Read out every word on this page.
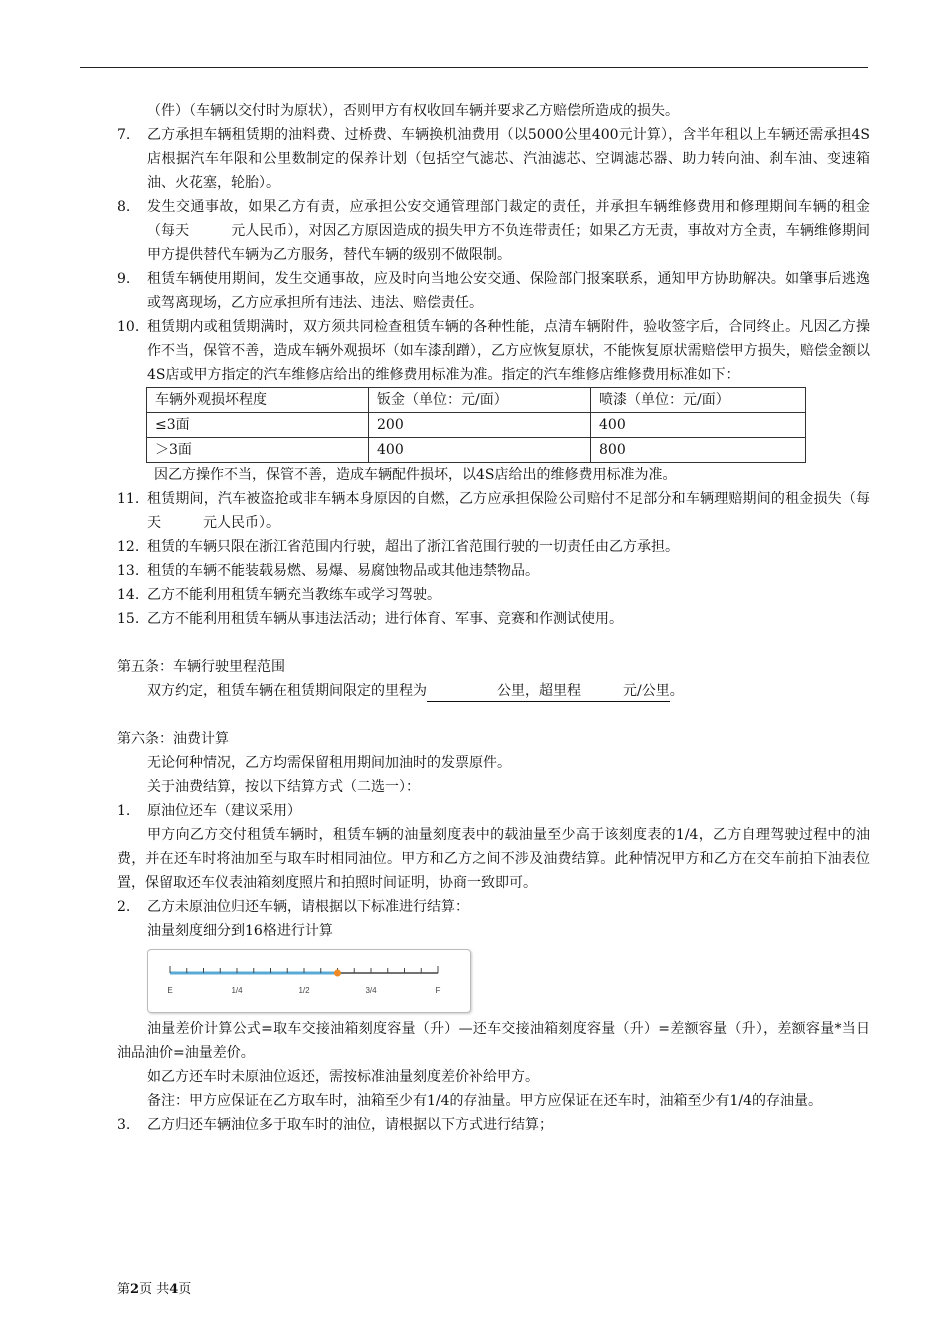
（件）（车辆以交付时为原状），否则甲方有权收回车辆并要求乙方赔偿所造成的损失。

7.	乙方承担车辆租赁期的油料费、过桥费、车辆换机油费用（以5000公里400元计算），含半年租以上车辆还需承担4S店根据汽车年限和公里数制定的保养计划（包括空气滤芯、汽油滤芯、空调滤芯器、助力转向油、刹车油、变速箱油、火花塞，轮胎）。
8.	发生交通事故，如果乙方有责，应承担公安交通管理部门裁定的责任，并承担车辆维修费用和修理期间车辆的租金（每天　　　元人民币），对因乙方原因造成的损失甲方不负连带责任；如果乙方无责，事故对方全责，车辆维修期间甲方提供替代车辆为乙方服务，替代车辆的级别不做限制。
9.	租赁车辆使用期间，发生交通事故，应及时向当地公安交通、保险部门报案联系，通知甲方协助解决。如肇事后逃逸或驾离现场，乙方应承担所有违法、违法、赔偿责任。
10. 租赁期内或租赁期满时，双方须共同检查租赁车辆的各种性能，点清车辆附件，验收签字后，合同终止。凡因乙方操作不当，保管不善，造成车辆外观损坏（如车漆刮蹭），乙方应恢复原状，不能恢复原状需赔偿甲方损失，赔偿金额以4S店或甲方指定的汽车维修店给出的维修费用标准为准。指定的汽车维修店维修费用标准如下：
车辆外观损坏程度	钣金（单位：元/面）	喷漆（单位：元/面）
≤3面	200	400
＞3面	400	800

因乙方操作不当，保管不善，造成车辆配件损坏，以4S店给出的维修费用标准为准。

11. 租赁期间，汽车被盗抢或非车辆本身原因的自燃，乙方应承担保险公司赔付不足部分和车辆理赔期间的租金损失（每天　　　元人民币）。
12. 租赁的车辆只限在浙江省范围内行驶，超出了浙江省范围行驶的一切责任由乙方承担。
13. 租赁的车辆不能装载易燃、易爆、易腐蚀物品或其他违禁物品。
14. 乙方不能利用租赁车辆充当教练车或学习驾驶。
15. 乙方不能利用租赁车辆从事违法活动；进行体育、军事、竞赛和作测试使用。

第五条：车辆行驶里程范围

双方约定，租赁车辆在租赁期间限定的里程为　　　　　公里，超里程　　　元/公里。

第六条：油费计算

无论何种情况，乙方均需保留租用期间加油时的发票原件。

关于油费结算，按以下结算方式（二选一）：

1.	原油位还车（建议采用）

甲方向乙方交付租赁车辆时，租赁车辆的油量刻度表中的载油量至少高于该刻度表的1/4，乙方自理驾驶过程中的油费，并在还车时将油加至与取车时相同油位。甲方和乙方之间不涉及油费结算。此种情况甲方和乙方在交车前拍下油表位置，保留取还车仪表油箱刻度照片和拍照时间证明，协商一致即可。

2.	乙方未原油位归还车辆，请根据以下标准进行结算：

油量刻度细分到16格进行计算

E	1/4	1/2	3/4	F

油量差价计算公式=取车交接油箱刻度容量（升）—还车交接油箱刻度容量（升）=差额容量（升），差额容量*当日油品油价=油量差价。

如乙方还车时未原油位返还，需按标准油量刻度差价补给甲方。

备注：甲方应保证在乙方取车时，油箱至少有1/4的存油量。甲方应保证在还车时，油箱至少有1/4的存油量。

3.	乙方归还车辆油位多于取车时的油位，请根据以下方式进行结算；
第2页 共4页
